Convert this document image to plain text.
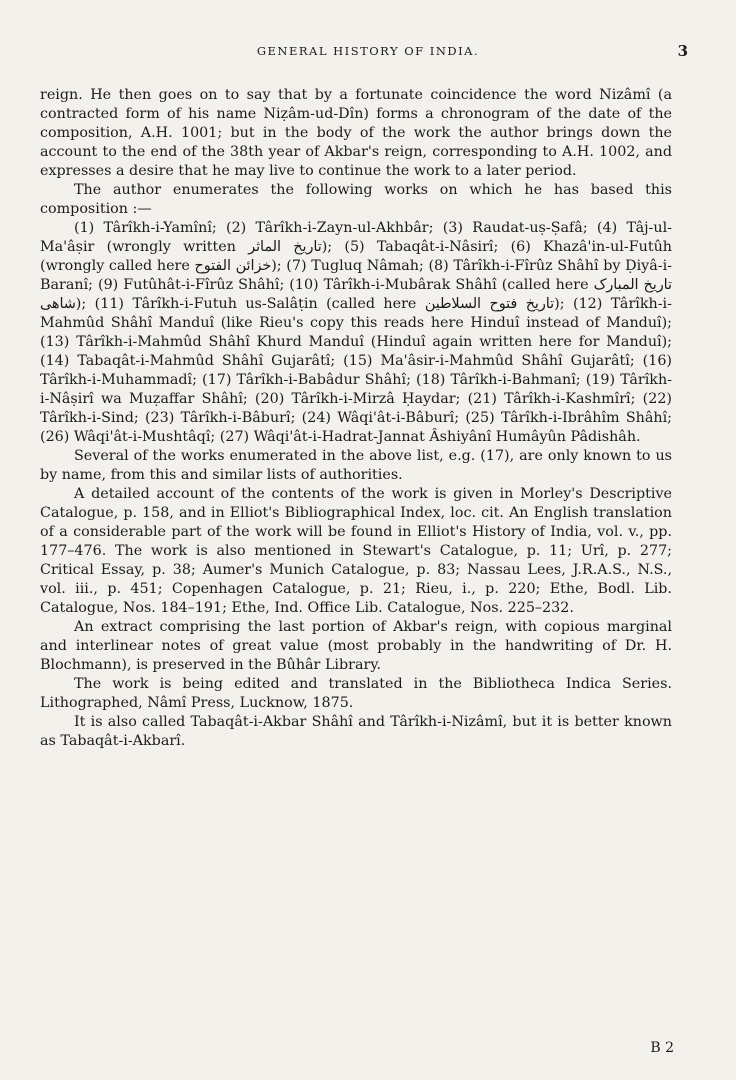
GENERAL HISTORY OF INDIA.	3

reign. He then goes on to say that by a fortunate coincidence the word Nizâmî (a contracted form of his name Niẓâm-ud-Dîn) forms a chronogram of the date of the composition, A.H. 1001; but in the body of the work the author brings down the account to the end of the 38th year of Akbar's reign, corresponding to A.H. 1002, and expresses a desire that he may live to continue the work to a later period.

The author enumerates the following works on which he has based this composition :—

(1) Târîkh-i-Yamînî; (2) Târîkh-i-Zayn-ul-Akhbâr; (3) Raudat-uṣ-Ṣafâ; (4) Tâj-ul-Ma'âṣir (wrongly written تاریخ الماثر); (5) Tabaqât-i-Nâsirî; (6) Khazâ'in-ul-Futûh (wrongly called here خزائن الفتوح); (7) Tugluq Nâmah; (8) Târîkh-i-Fîrûz Shâhî by Ḍiyâ-i-Baranî; (9) Futûhât-i-Fîrûz Shâhî; (10) Târîkh-i-Mubârak Shâhî (called here تاریخ المبارک شاهی); (11) Târîkh-i-Futuh us-Salâṭin (called here تاریخ فتوح السلاطین); (12) Târîkh-i-Mahmûd Shâhî Manduî (like Rieu's copy this reads here Hinduî instead of Manduî); (13) Târîkh-i-Mahmûd Shâhî Khurd Manduî (Hinduî again written here for Manduî); (14) Tabaqât-i-Mahmûd Shâhî Gujarâtî; (15) Ma'âsir-i-Mahmûd Shâhî Gujarâtî; (16) Târîkh-i-Muhammadî; (17) Târîkh-i-Babâdur Shâhî; (18) Târîkh-i-Bahmanî; (19) Târîkh-i-Nâṣirî wa Muẓaffar Shâhî; (20) Târîkh-i-Mirzâ Ḥaydar; (21) Târîkh-i-Kashmîrî; (22) Târîkh-i-Sind; (23) Târîkh-i-Bâburî; (24) Wâqi'ât-i-Bâburî; (25) Târîkh-i-Ibrâhîm Shâhî; (26) Wâqi'ât-i-Mushtâqî; (27) Wâqi'ât-i-Hadrat-Jannat Âshiyânî Humâyûn Pâdishâh.

Several of the works enumerated in the above list, e.g. (17), are only known to us by name, from this and similar lists of authorities.

A detailed account of the contents of the work is given in Morley's Descriptive Catalogue, p. 158, and in Elliot's Bibliographical Index, loc. cit. An English translation of a considerable part of the work will be found in Elliot's History of India, vol. v., pp. 177–476. The work is also mentioned in Stewart's Catalogue, p. 11; Urî, p. 277; Critical Essay, p. 38; Aumer's Munich Catalogue, p. 83; Nassau Lees, J.R.A.S., N.S., vol. iii., p. 451; Copenhagen Catalogue, p. 21; Rieu, i., p. 220; Ethe, Bodl. Lib. Catalogue, Nos. 184–191; Ethe, Ind. Office Lib. Catalogue, Nos. 225–232.

An extract comprising the last portion of Akbar's reign, with copious marginal and interlinear notes of great value (most probably in the handwriting of Dr. H. Blochmann), is preserved in the Bûhâr Library.

The work is being edited and translated in the Bibliotheca Indica Series. Lithographed, Nâmî Press, Lucknow, 1875.

It is also called Tabaqât-i-Akbar Shâhî and Târîkh-i-Nizâmî, but it is better known as Tabaqât-i-Akbarî.

B 2
